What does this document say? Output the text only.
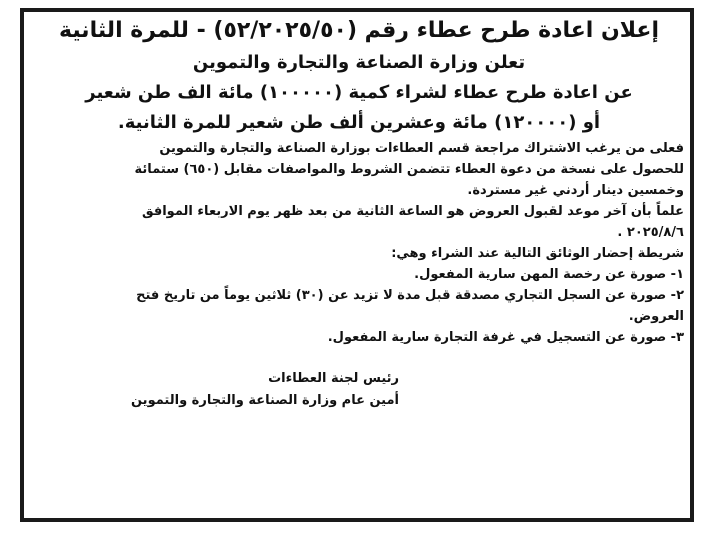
إعلان اعادة طرح عطاء رقم (٥٢/٢٠٢٥/٥٠) - للمرة الثانية

تعلن وزارة الصناعة والتجارة والتموين

عن اعادة طرح عطاء لشراء كمية (١٠٠٠٠٠) مائة الف طن شعير

أو (١٢٠٠٠٠) مائة وعشرين ألف طن شعير للمرة الثانية.

فعلى من يرغب الاشتراك مراجعة قسم العطاءات بوزارة الصناعة والتجارة والتموين

للحصول على نسخة من دعوة العطاء تتضمن الشروط والمواصفات مقابل (٦٥٠) ستمائة

وخمسين دينار أردني غير مستردة.

علماً بأن آخر موعد لقبول العروض هو الساعة الثانية من بعد ظهر يوم الاربعاء الموافق

٢٠٢٥/٨/٦ .

شريطة إحضار الوثائق التالية عند الشراء وهي:

١- صورة عن رخصة المهن سارية المفعول.

٢- صورة عن السجل التجاري مصدقة قبل مدة لا تزيد عن (٣٠) ثلاثين يوماً من تاريخ فتح

العروض.

٣- صورة عن التسجيل في غرفة التجارة سارية المفعول.

رئيس لجنة العطاءات

أمين عام وزارة الصناعة والتجارة والتموين
